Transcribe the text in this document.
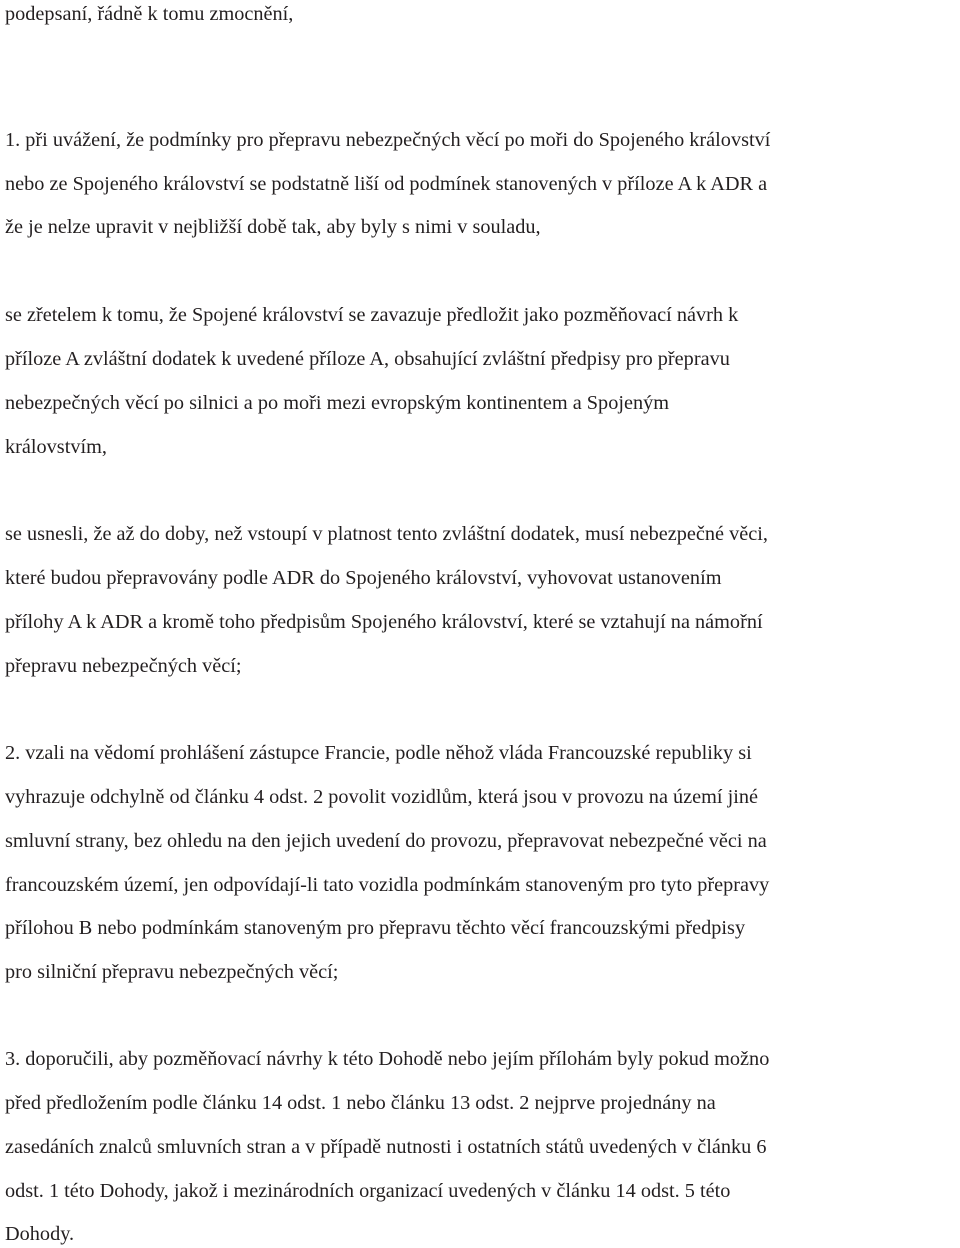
podepsaní, řádně k tomu zmocnění,

1. při uvážení, že podmínky pro přepravu nebezpečných věcí po moři do Spojeného království

nebo ze Spojeného království se podstatně liší od podmínek stanovených v příloze A k ADR a

že je nelze upravit v nejbližší době tak, aby byly s nimi v souladu,

se zřetelem k tomu, že Spojené království se zavazuje předložit jako pozměňovací návrh k

příloze A zvláštní dodatek k uvedené příloze A, obsahující zvláštní předpisy pro přepravu

nebezpečných věcí po silnici a po moři mezi evropským kontinentem a Spojeným

královstvím,

se usnesli, že až do doby, než vstoupí v platnost tento zvláštní dodatek, musí nebezpečné věci,

které budou přepravovány podle ADR do Spojeného království, vyhovovat ustanovením

přílohy A k ADR a kromě toho předpisům Spojeného království, které se vztahují na námořní

přepravu nebezpečných věcí;

2. vzali na vědomí prohlášení zástupce Francie, podle něhož vláda Francouzské republiky si

vyhrazuje odchylně od článku 4 odst. 2 povolit vozidlům, která jsou v provozu na území jiné

smluvní strany, bez ohledu na den jejich uvedení do provozu, přepravovat nebezpečné věci na

francouzském území, jen odpovídají-li tato vozidla podmínkám stanoveným pro tyto přepravy

přílohou B nebo podmínkám stanoveným pro přepravu těchto věcí francouzskými předpisy

pro silniční přepravu nebezpečných věcí;

3. doporučili, aby pozměňovací návrhy k této Dohodě nebo jejím přílohám byly pokud možno

před předložením podle článku 14 odst. 1 nebo článku 13 odst. 2 nejprve projednány na

zasedáních znalců smluvních stran a v případě nutnosti i ostatních států uvedených v článku 6

odst. 1 této Dohody, jakož i mezinárodních organizací uvedených v článku 14 odst. 5 této

Dohody.
